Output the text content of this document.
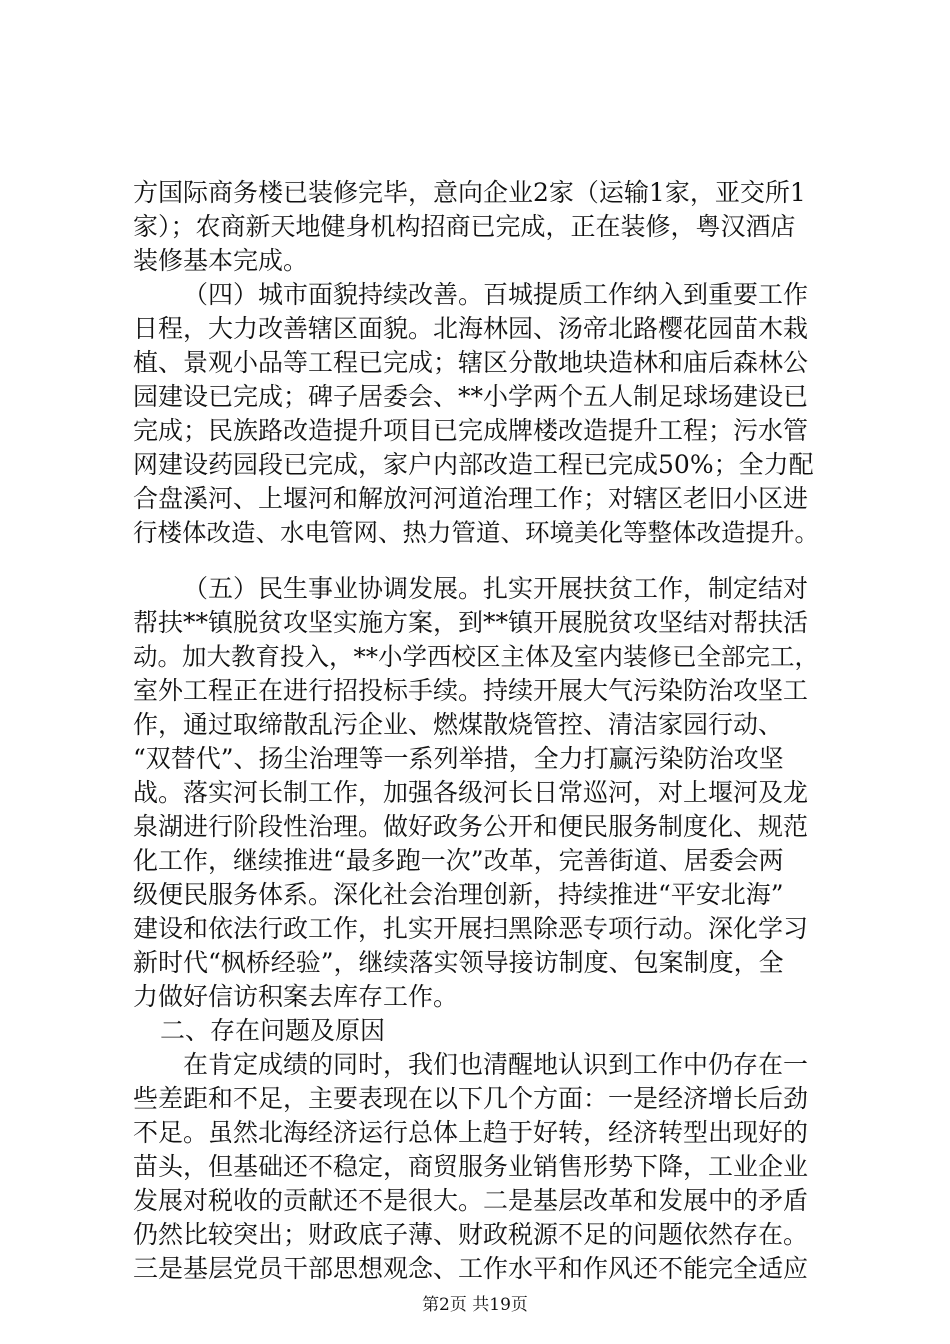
方国际商务楼已装修完毕，意向企业2家（运输1家，亚交所1
家）；农商新天地健身机构招商已完成，正在装修，粤汉酒店
装修基本完成。
（四）城市面貌持续改善。百城提质工作纳入到重要工作
日程，大力改善辖区面貌。北海林园、汤帝北路樱花园苗木栽
植、景观小品等工程已完成；辖区分散地块造林和庙后森林公
园建设已完成；碑子居委会、**小学两个五人制足球场建设已
完成；民族路改造提升项目已完成牌楼改造提升工程；污水管
网建设药园段已完成，家户内部改造工程已完成50%；全力配
合盘溪河、上堰河和解放河河道治理工作；对辖区老旧小区进
行楼体改造、水电管网、热力管道、环境美化等整体改造提升。
（五）民生事业协调发展。扎实开展扶贫工作，制定结对
帮扶**镇脱贫攻坚实施方案，到**镇开展脱贫攻坚结对帮扶活
动。加大教育投入，**小学西校区主体及室内装修已全部完工，
室外工程正在进行招投标手续。持续开展大气污染防治攻坚工
作，通过取缔散乱污企业、燃煤散烧管控、清洁家园行动、
“双替代”、扬尘治理等一系列举措，全力打赢污染防治攻坚
战。落实河长制工作，加强各级河长日常巡河，对上堰河及龙
泉湖进行阶段性治理。做好政务公开和便民服务制度化、规范
化工作，继续推进“最多跑一次”改革，完善街道、居委会两
级便民服务体系。深化社会治理创新，持续推进“平安北海”
建设和依法行政工作，扎实开展扫黑除恶专项行动。深化学习
新时代“枫桥经验”，继续落实领导接访制度、包案制度，全
力做好信访积案去库存工作。
二、存在问题及原因
在肯定成绩的同时，我们也清醒地认识到工作中仍存在一
些差距和不足，主要表现在以下几个方面：一是经济增长后劲
不足。虽然北海经济运行总体上趋于好转，经济转型出现好的
苗头，但基础还不稳定，商贸服务业销售形势下降，工业企业
发展对税收的贡献还不是很大。二是基层改革和发展中的矛盾
仍然比较突出；财政底子薄、财政税源不足的问题依然存在。
三是基层党员干部思想观念、工作水平和作风还不能完全适应
第2页 共19页
